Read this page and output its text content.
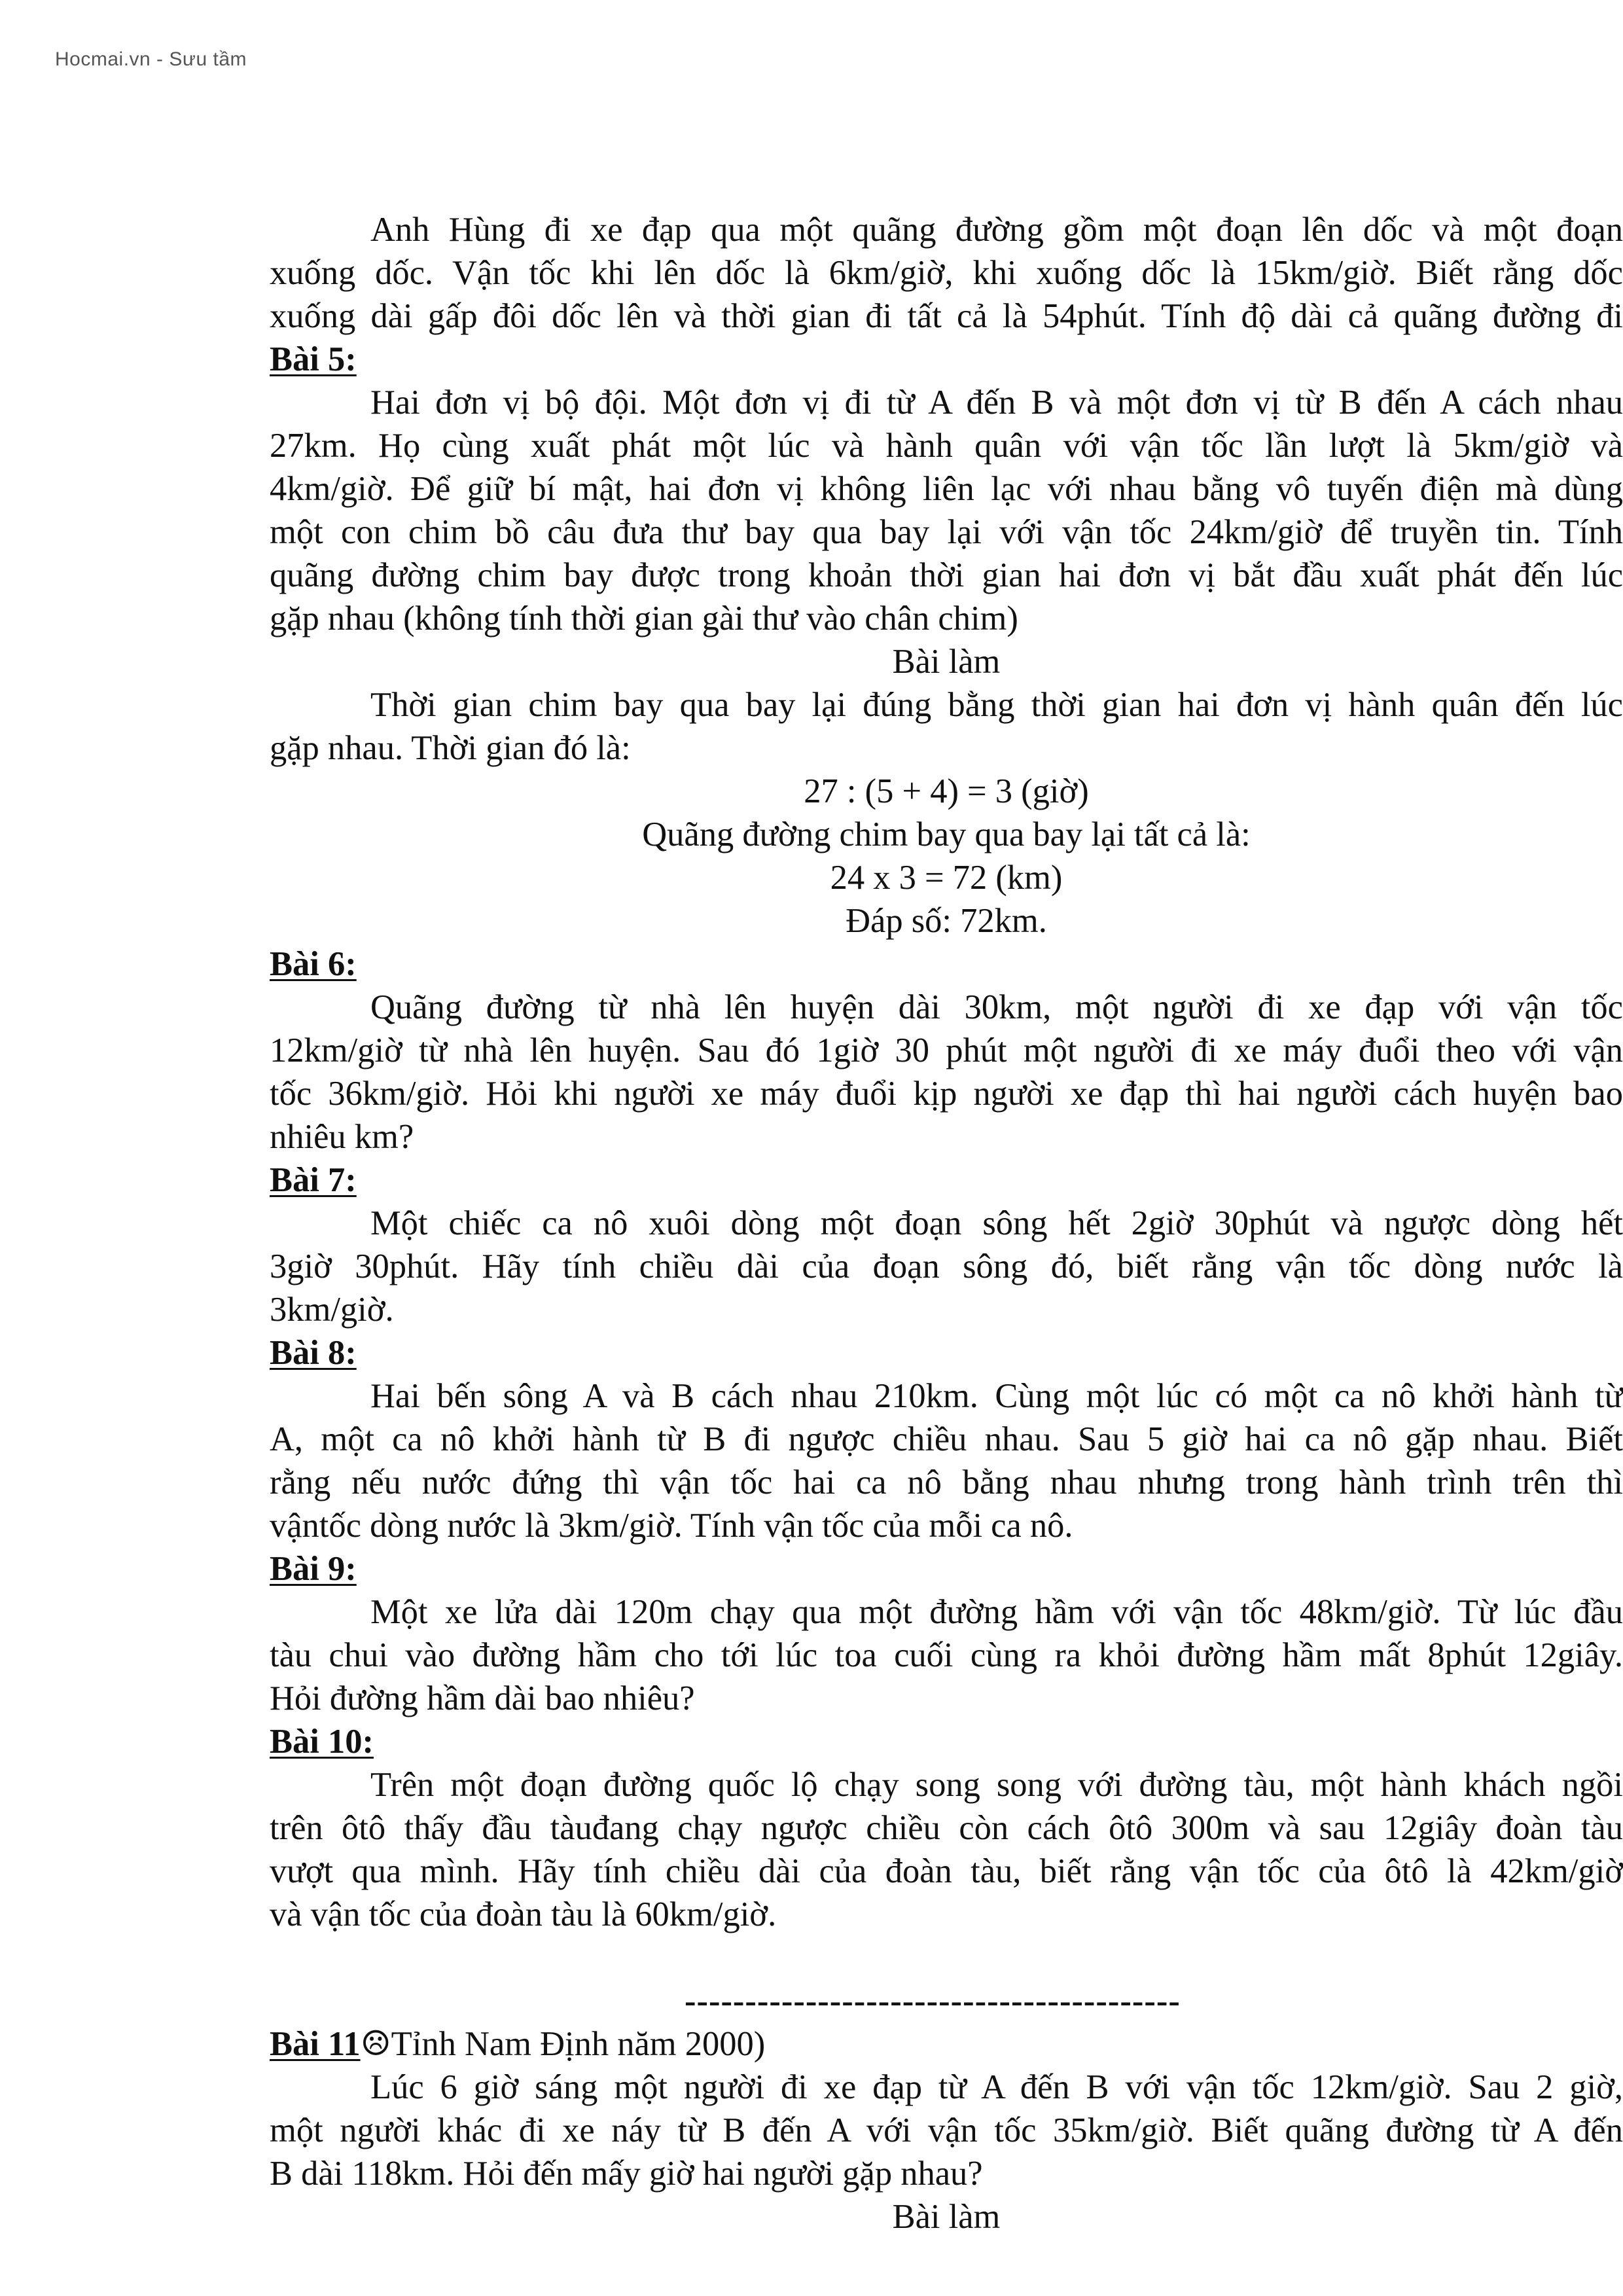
Hocmai.vn - Sưu tầm
Anh Hùng đi xe đạp qua một quãng đường gồm một đoạn lên dốc và một đoạn
xuống dốc. Vận tốc khi lên dốc là 6km/giờ, khi xuống dốc là 15km/giờ. Biết rằng dốc
xuống dài gấp đôi dốc lên và thời gian đi tất cả là 54phút. Tính độ dài cả quãng đường đi
Bài 5:
Hai đơn vị bộ đội. Một đơn vị đi từ A đến B và một đơn vị từ B đến A cách nhau
27km. Họ cùng xuất phát một lúc và hành quân với vận tốc lần lượt là 5km/giờ và
4km/giờ. Để giữ bí mật, hai đơn vị không liên lạc với nhau bằng vô tuyến điện mà dùng
một con chim bồ câu đưa thư bay qua bay lại với vận tốc 24km/giờ để truyền tin. Tính
quãng đường chim bay được trong khoản thời gian hai đơn vị bắt đầu xuất phát đến lúc
gặp nhau (không tính thời gian gài thư vào chân chim)
Bài làm
Thời gian chim bay qua bay lại đúng bằng thời gian hai đơn vị hành quân đến lúc
gặp nhau. Thời gian đó là:
27 : (5 + 4) = 3 (giờ)
Quãng đường chim bay qua bay lại tất cả là:
24 x 3 = 72 (km)
Đáp số: 72km.
Bài 6:
Quãng đường từ nhà lên huyện dài 30km, một người đi xe đạp với vận tốc
12km/giờ từ nhà lên huyện. Sau đó 1giờ 30 phút một người đi xe máy đuổi theo với vận
tốc 36km/giờ. Hỏi khi người xe máy đuổi kịp người xe đạp thì hai người cách huyện bao
nhiêu km?
Bài 7:
Một chiếc ca nô xuôi dòng một đoạn sông hết 2giờ 30phút và ngược dòng hết
3giờ 30phút. Hãy tính chiều dài của đoạn sông đó, biết rằng vận tốc dòng nước là
3km/giờ.
Bài 8:
Hai bến sông A và B cách nhau 210km. Cùng một lúc có một ca nô khởi hành từ
A, một ca nô khởi hành từ B đi ngược chiều nhau. Sau 5 giờ hai ca nô gặp nhau. Biết
rằng nếu nước đứng thì vận tốc hai ca nô bằng nhau nhưng trong hành trình trên thì
vậntốc dòng nước là 3km/giờ. Tính vận tốc của mỗi ca nô.
Bài 9:
Một xe lửa dài 120m chạy qua một đường hầm với vận tốc 48km/giờ. Từ lúc đầu
tàu chui vào đường hầm cho tới lúc toa cuối cùng ra khỏi đường hầm mất 8phút 12giây.
Hỏi đường hầm dài bao nhiêu?
Bài 10:
Trên một đoạn đường quốc lộ chạy song song với đường tàu, một hành khách ngồi
trên ôtô thấy đầu tàuđang chạy ngược chiều còn cách ôtô 300m và sau 12giây đoàn tàu
vượt qua mình. Hãy tính chiều dài của đoàn tàu, biết rằng vận tốc của ôtô là 42km/giờ
và vận tốc của đoàn tàu là 60km/giờ.
-----------------------------------------
Bài 11☹Tỉnh Nam Định năm 2000)
Lúc 6 giờ sáng một người đi xe đạp từ A đến B với vận tốc 12km/giờ. Sau 2 giờ,
một người khác đi xe náy từ B đến A với vận tốc 35km/giờ. Biết quãng đường từ A đến
B dài 118km. Hỏi đến mấy giờ hai người gặp nhau?
Bài làm
